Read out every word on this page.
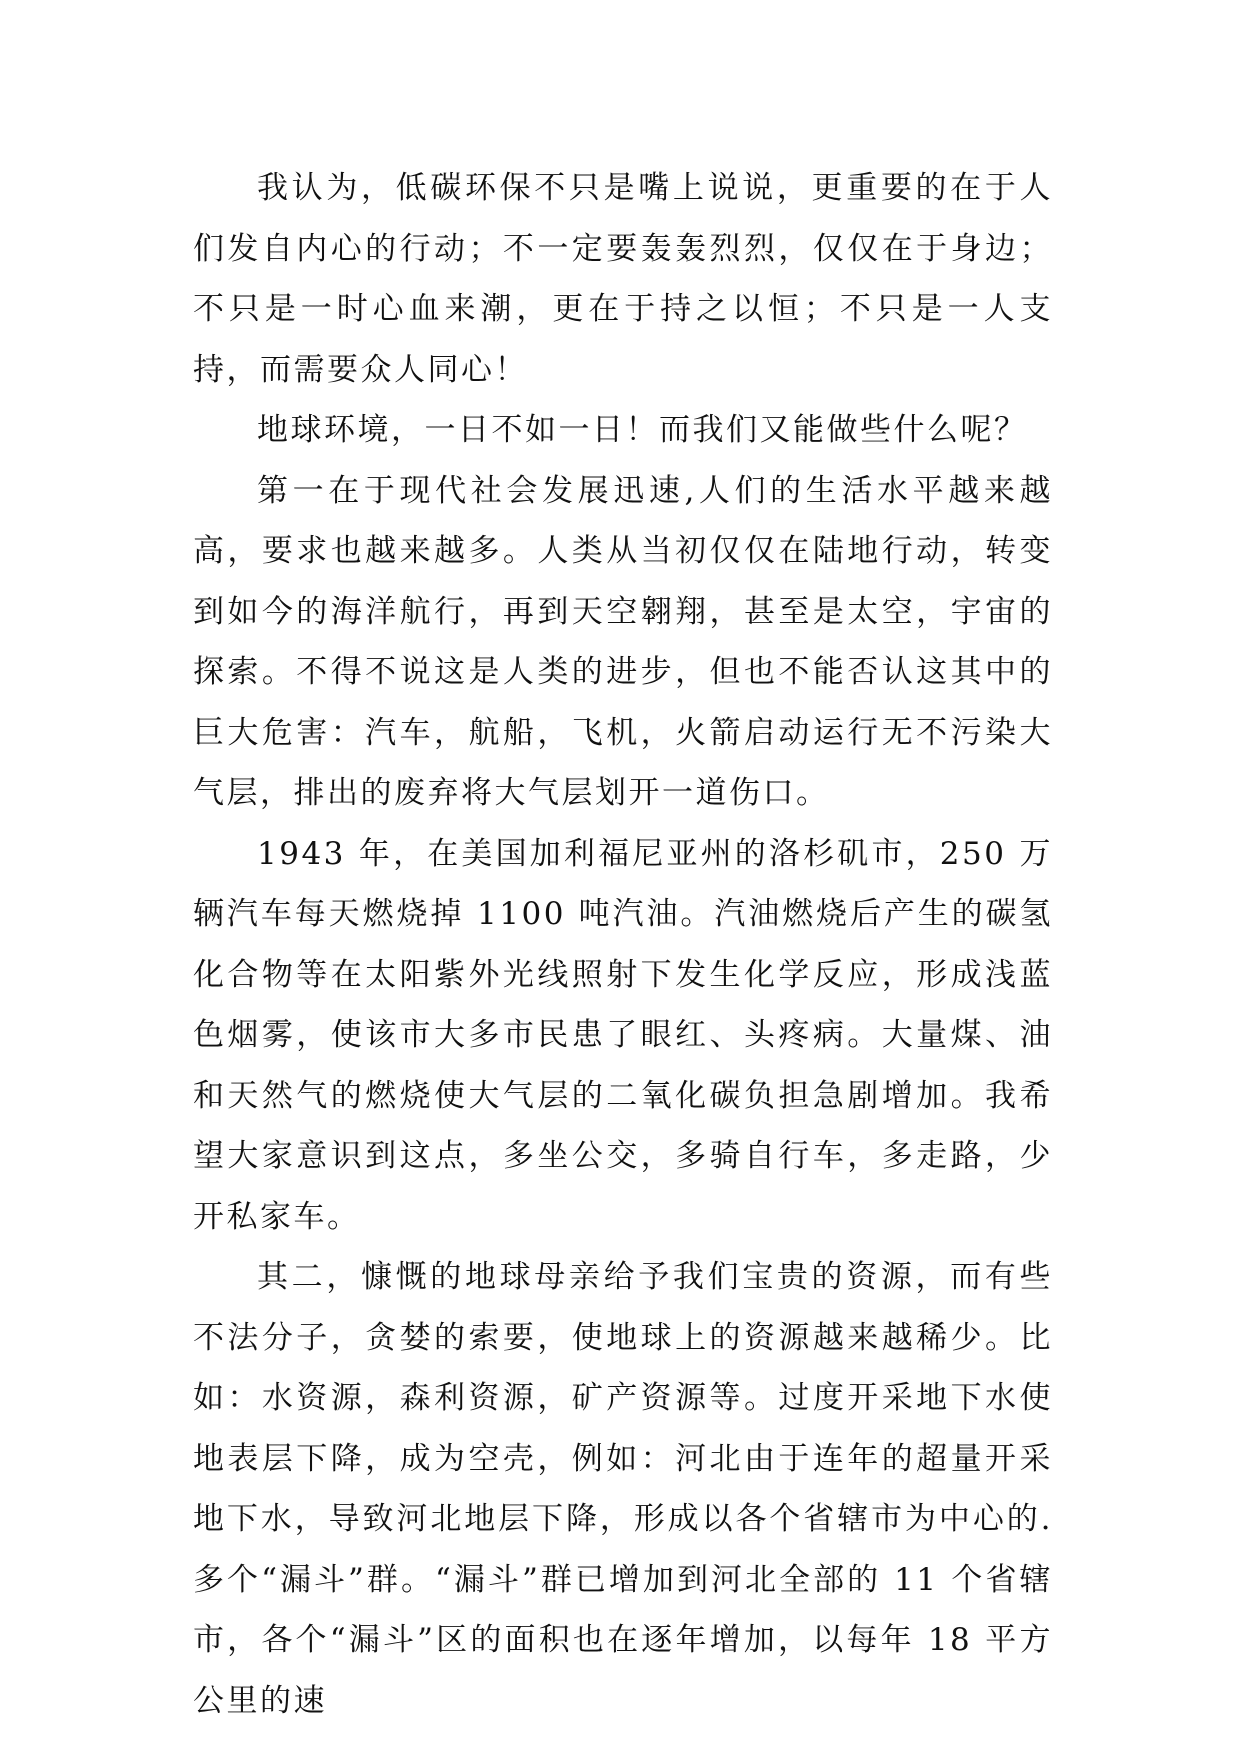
我认为，低碳环保不只是嘴上说说，更重要的在于人们发自内心的行动；不一定要轰轰烈烈，仅仅在于身边；不只是一时心血来潮，更在于持之以恒；不只是一人支持，而需要众人同心！

地球环境，一日不如一日！而我们又能做些什么呢？

第一在于现代社会发展迅速,人们的生活水平越来越高，要求也越来越多。人类从当初仅仅在陆地行动，转变到如今的海洋航行，再到天空翱翔，甚至是太空，宇宙的探索。不得不说这是人类的进步，但也不能否认这其中的巨大危害：汽车，航船，飞机，火箭启动运行无不污染大气层，排出的废弃将大气层划开一道伤口。

1943 年，在美国加利福尼亚州的洛杉矶市，250 万辆汽车每天燃烧掉 1100 吨汽油。汽油燃烧后产生的碳氢化合物等在太阳紫外光线照射下发生化学反应，形成浅蓝色烟雾，使该市大多市民患了眼红、头疼病。大量煤、油和天然气的燃烧使大气层的二氧化碳负担急剧增加。我希望大家意识到这点，多坐公交，多骑自行车，多走路，少开私家车。

其二，慷慨的地球母亲给予我们宝贵的资源，而有些不法分子，贪婪的索要，使地球上的资源越来越稀少。比如：水资源，森利资源，矿产资源等。过度开采地下水使地表层下降，成为空壳，例如：河北由于连年的超量开采地下水，导致河北地层下降，形成以各个省辖市为中心的. 多个“漏斗”群。“漏斗”群已增加到河北全部的 11 个省辖市，各个“漏斗”区的面积也在逐年增加，以每年 18 平方公里的速
